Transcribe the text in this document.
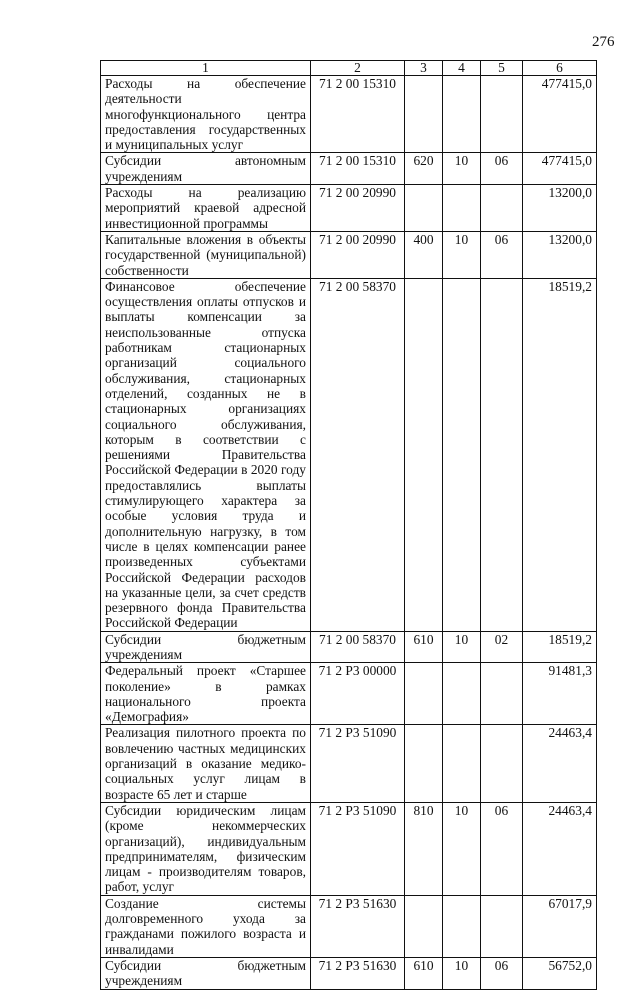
276
1	2	3	4	5	6
Расходы на обеспечение деятельности многофункционального центра предоставления государственных и муниципальных услуг	71 2 00 15310				477415,0
Субсидии автономным учреждениям	71 2 00 15310	620	10	06	477415,0
Расходы на реализацию мероприятий краевой адресной инвестиционной программы	71 2 00 20990				13200,0
Капитальные вложения в объекты государственной (муниципальной) собственности	71 2 00 20990	400	10	06	13200,0
Финансовое обеспечение осуществления оплаты отпусков и выплаты компенсации за неиспользованные отпуска работникам стационарных организаций социального обслуживания, стационарных отделений, созданных не в стационарных организациях социального обслуживания, которым в соответствии с решениями Правительства Российской Федерации в 2020 году предоставлялись выплаты стимулирующего характера за особые условия труда и дополнительную нагрузку, в том числе в целях компенсации ранее произведенных субъектами Российской Федерации расходов на указанные цели, за счет средств резервного фонда Правительства Российской Федерации	71 2 00 58370				18519,2
Субсидии бюджетным учреждениям	71 2 00 58370	610	10	02	18519,2
Федеральный проект «Старшее поколение» в рамках национального проекта «Демография»	71 2 P3 00000				91481,3
Реализация пилотного проекта по вовлечению частных медицинских организаций в оказание медико-социальных услуг лицам в возрасте 65 лет и старше	71 2 P3 51090				24463,4
Субсидии юридическим лицам (кроме некоммерческих организаций), индивидуальным предпринимателям, физическим лицам - производителям товаров, работ, услуг	71 2 P3 51090	810	10	06	24463,4
Создание системы долговременного ухода за гражданами пожилого возраста и инвалидами	71 2 P3 51630				67017,9
Субсидии бюджетным учреждениям	71 2 P3 51630	610	10	06	56752,0
